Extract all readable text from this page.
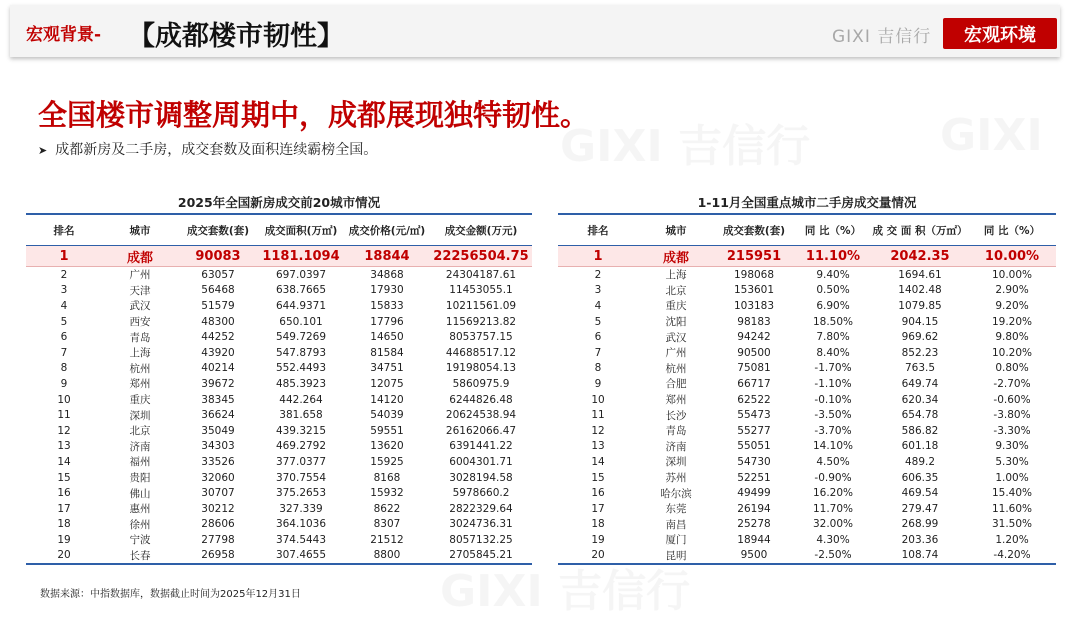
宏观背景- 【成都楼市韧性】	GIXI 吉信行	宏观环境
全国楼市调整周期中，成都展现独特韧性。
➤ 成都新房及二手房，成交套数及面积连续霸榜全国。
2025年全国新房成交前20城市情况
排名	城市	成交套数(套)	成交面积(万㎡)	成交价格(元/㎡)	成交金额(万元)
1	成都	90083	1181.1094	18844	22256504.75
2	广州	63057	697.0397	34868	24304187.61
3	天津	56468	638.7665	17930	11453055.1
4	武汉	51579	644.9371	15833	10211561.09
5	西安	48300	650.101	17796	11569213.82
6	青岛	44252	549.7269	14650	8053757.15
7	上海	43920	547.8793	81584	44688517.12
8	杭州	40214	552.4493	34751	19198054.13
9	郑州	39672	485.3923	12075	5860975.9
10	重庆	38345	442.264	14120	6244826.48
11	深圳	36624	381.658	54039	20624538.94
12	北京	35049	439.3215	59551	26162066.47
13	济南	34303	469.2792	13620	6391441.22
14	福州	33526	377.0377	15925	6004301.71
15	贵阳	32060	370.7554	8168	3028194.58
16	佛山	30707	375.2653	15932	5978660.2
17	惠州	30212	327.339	8622	2822329.64
18	徐州	28606	364.1036	8307	3024736.31
19	宁波	27798	374.5443	21512	8057132.25
20	长春	26958	307.4655	8800	2705845.21
1-11月全国重点城市二手房成交量情况
排名	城市	成交套数(套)	同 比（%）	成 交 面 积（万㎡）	同 比（%）
1	成都	215951	11.10%	2042.35	10.00%
2	上海	198068	9.40%	1694.61	10.00%
3	北京	153601	0.50%	1402.48	2.90%
4	重庆	103183	6.90%	1079.85	9.20%
5	沈阳	98183	18.50%	904.15	19.20%
6	武汉	94242	7.80%	969.62	9.80%
7	广州	90500	8.40%	852.23	10.20%
8	杭州	75081	-1.70%	763.5	0.80%
9	合肥	66717	-1.10%	649.74	-2.70%
10	郑州	62522	-0.10%	620.34	-0.60%
11	长沙	55473	-3.50%	654.78	-3.80%
12	青岛	55277	-3.70%	586.82	-3.30%
13	济南	55051	14.10%	601.18	9.30%
14	深圳	54730	4.50%	489.2	5.30%
15	苏州	52251	-0.90%	606.35	1.00%
16	哈尔滨	49499	16.20%	469.54	15.40%
17	东莞	26194	11.70%	279.47	11.60%
18	南昌	25278	32.00%	268.99	31.50%
19	厦门	18944	4.30%	203.36	1.20%
20	昆明	9500	-2.50%	108.74	-4.20%
数据来源：中指数据库，数据截止时间为2025年12月31日
